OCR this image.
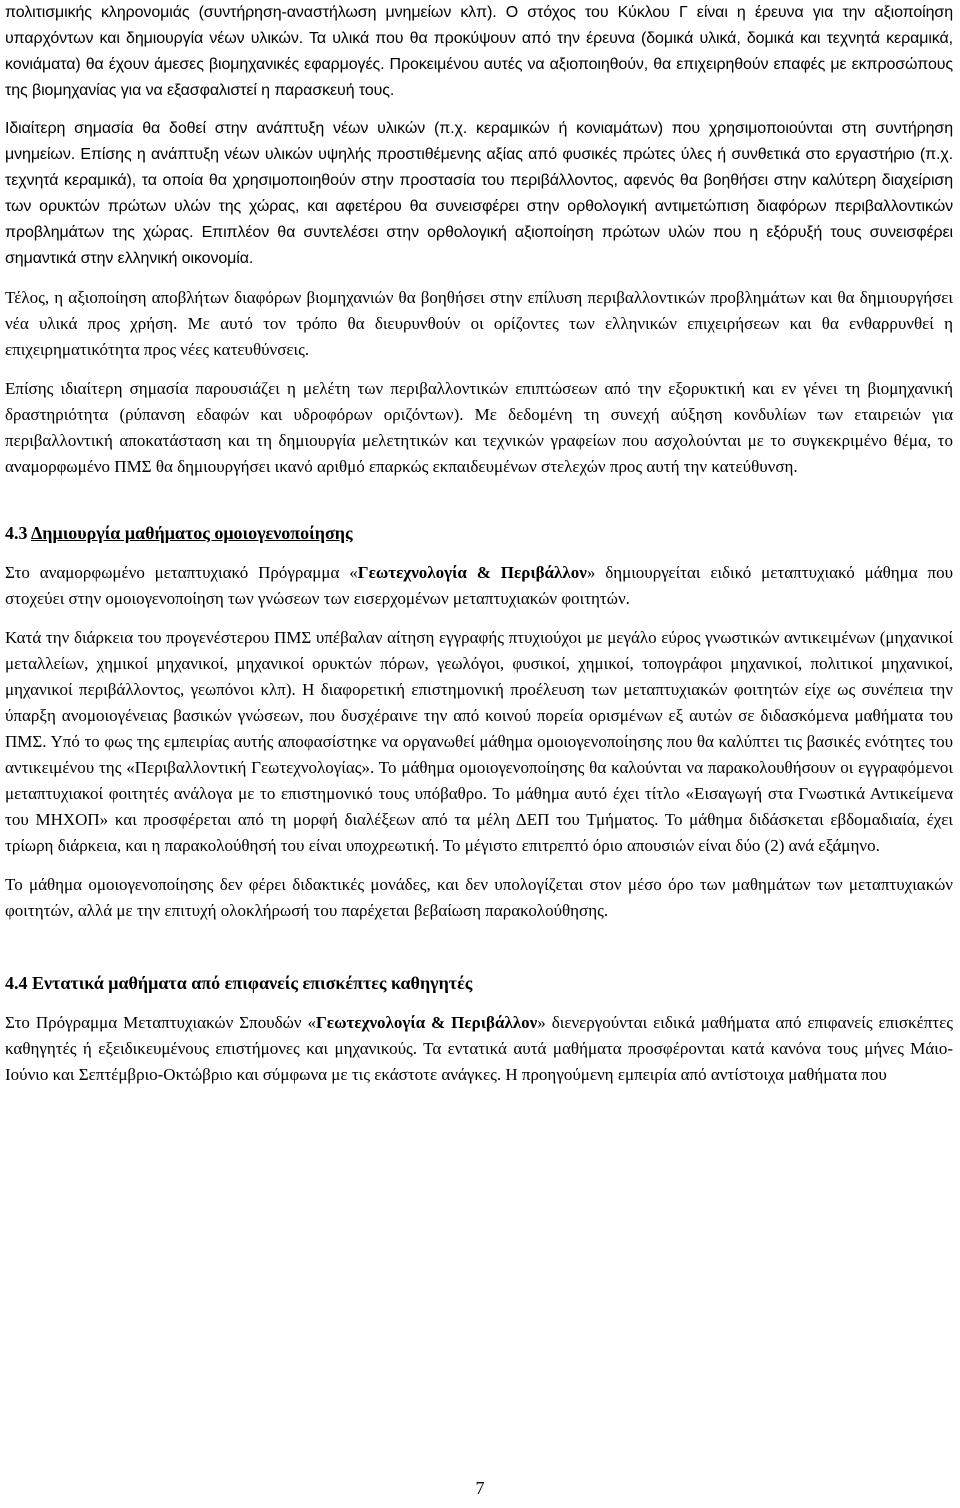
πολιτισμικής κληρονομιάς (συντήρηση-αναστήλωση μνημείων κλπ). Ο στόχος του Κύκλου Γ είναι η έρευνα για την αξιοποίηση υπαρχόντων και δημιουργία νέων υλικών. Τα υλικά που θα προκύψουν από την έρευνα (δομικά υλικά, δομικά και τεχνητά κεραμικά, κονιάματα) θα έχουν άμεσες βιομηχανικές εφαρμογές. Προκειμένου αυτές να αξιοποιηθούν, θα επιχειρηθούν επαφές με εκπροσώπους της βιομηχανίας για να εξασφαλιστεί η παρασκευή τους.

Ιδιαίτερη σημασία θα δοθεί στην ανάπτυξη νέων υλικών (π.χ. κεραμικών ή κονιαμάτων) που χρησιμοποιούνται στη συντήρηση μνημείων. Επίσης η ανάπτυξη νέων υλικών υψηλής προστιθέμενης αξίας από φυσικές πρώτες ύλες ή συνθετικά στο εργαστήριο (π.χ. τεχνητά κεραμικά), τα οποία θα χρησιμοποιηθούν στην προστασία του περιβάλλοντος, αφενός θα βοηθήσει στην καλύτερη διαχείριση των ορυκτών πρώτων υλών της χώρας, και αφετέρου θα συνεισφέρει στην ορθολογική αντιμετώπιση διαφόρων περιβαλλοντικών προβλημάτων της χώρας. Επιπλέον θα συντελέσει στην ορθολογική αξιοποίηση πρώτων υλών που η εξόρυξή τους συνεισφέρει σημαντικά στην ελληνική οικονομία.

Τέλος, η αξιοποίηση αποβλήτων διαφόρων βιομηχανιών θα βοηθήσει στην επίλυση περιβαλλοντικών προβλημάτων και θα δημιουργήσει νέα υλικά προς χρήση. Με αυτό τον τρόπο θα διευρυνθούν οι ορίζοντες των ελληνικών επιχειρήσεων και θα ενθαρρυνθεί η επιχειρηματικότητα προς νέες κατευθύνσεις.

Επίσης ιδιαίτερη σημασία παρουσιάζει η μελέτη των περιβαλλοντικών επιπτώσεων από την εξορυκτική και εν γένει τη βιομηχανική δραστηριότητα (ρύπανση εδαφών και υδροφόρων οριζόντων). Με δεδομένη τη συνεχή αύξηση κονδυλίων των εταιρειών για περιβαλλοντική αποκατάσταση και τη δημιουργία μελετητικών και τεχνικών γραφείων που ασχολούνται με το συγκεκριμένο θέμα, το αναμορφωμένο ΠΜΣ θα δημιουργήσει ικανό αριθμό επαρκώς εκπαιδευμένων στελεχών προς αυτή την κατεύθυνση.

4.3 Δημιουργία μαθήματος ομοιογενοποίησης

Στο αναμορφωμένο μεταπτυχιακό Πρόγραμμα «Γεωτεχνολογία & Περιβάλλον» δημιουργείται ειδικό μεταπτυχιακό μάθημα που στοχεύει στην ομοιογενοποίηση των γνώσεων των εισερχομένων μεταπτυχιακών φοιτητών.

Κατά την διάρκεια του προγενέστερου ΠΜΣ υπέβαλαν αίτηση εγγραφής πτυχιούχοι με μεγάλο εύρος γνωστικών αντικειμένων (μηχανικοί μεταλλείων, χημικοί μηχανικοί, μηχανικοί ορυκτών πόρων, γεωλόγοι, φυσικοί, χημικοί, τοπογράφοι μηχανικοί, πολιτικοί μηχανικοί, μηχανικοί περιβάλλοντος, γεωπόνοι κλπ). Η διαφορετική επιστημονική προέλευση των μεταπτυχιακών φοιτητών είχε ως συνέπεια την ύπαρξη ανομοιογένειας βασικών γνώσεων, που δυσχέραινε την από κοινού πορεία ορισμένων εξ αυτών σε διδασκόμενα μαθήματα του ΠΜΣ. Υπό το φως της εμπειρίας αυτής αποφασίστηκε να οργανωθεί μάθημα ομοιογενοποίησης που θα καλύπτει τις βασικές ενότητες του αντικειμένου της «Περιβαλλοντική Γεωτεχνολογίας». Το μάθημα ομοιογενοποίησης θα καλούνται να παρακολουθήσουν οι εγγραφόμενοι μεταπτυχιακοί φοιτητές ανάλογα με το επιστημονικό τους υπόβαθρο. Το μάθημα αυτό έχει τίτλο «Εισαγωγή στα Γνωστικά Αντικείμενα του ΜΗΧΟΠ» και προσφέρεται από τη μορφή διαλέξεων από τα μέλη ΔΕΠ του Τμήματος. Το μάθημα διδάσκεται εβδομαδιαία, έχει τρίωρη διάρκεια, και η παρακολούθησή του είναι υποχρεωτική. Το μέγιστο επιτρεπτό όριο απουσιών είναι δύο (2) ανά εξάμηνο.

Το μάθημα ομοιογενοποίησης δεν φέρει διδακτικές μονάδες, και δεν υπολογίζεται στον μέσο όρο των μαθημάτων των μεταπτυχιακών φοιτητών, αλλά με την επιτυχή ολοκλήρωσή του παρέχεται βεβαίωση παρακολούθησης.

4.4 Εντατικά μαθήματα από επιφανείς επισκέπτες καθηγητές

Στο Πρόγραμμα Μεταπτυχιακών Σπουδών «Γεωτεχνολογία & Περιβάλλον» διενεργούνται ειδικά μαθήματα από επιφανείς επισκέπτες καθηγητές ή εξειδικευμένους επιστήμονες και μηχανικούς. Τα εντατικά αυτά μαθήματα προσφέρονται κατά κανόνα τους μήνες Μάιο-Ιούνιο και Σεπτέμβριο-Οκτώβριο και σύμφωνα με τις εκάστοτε ανάγκες. Η προηγούμενη εμπειρία από αντίστοιχα μαθήματα που

7
